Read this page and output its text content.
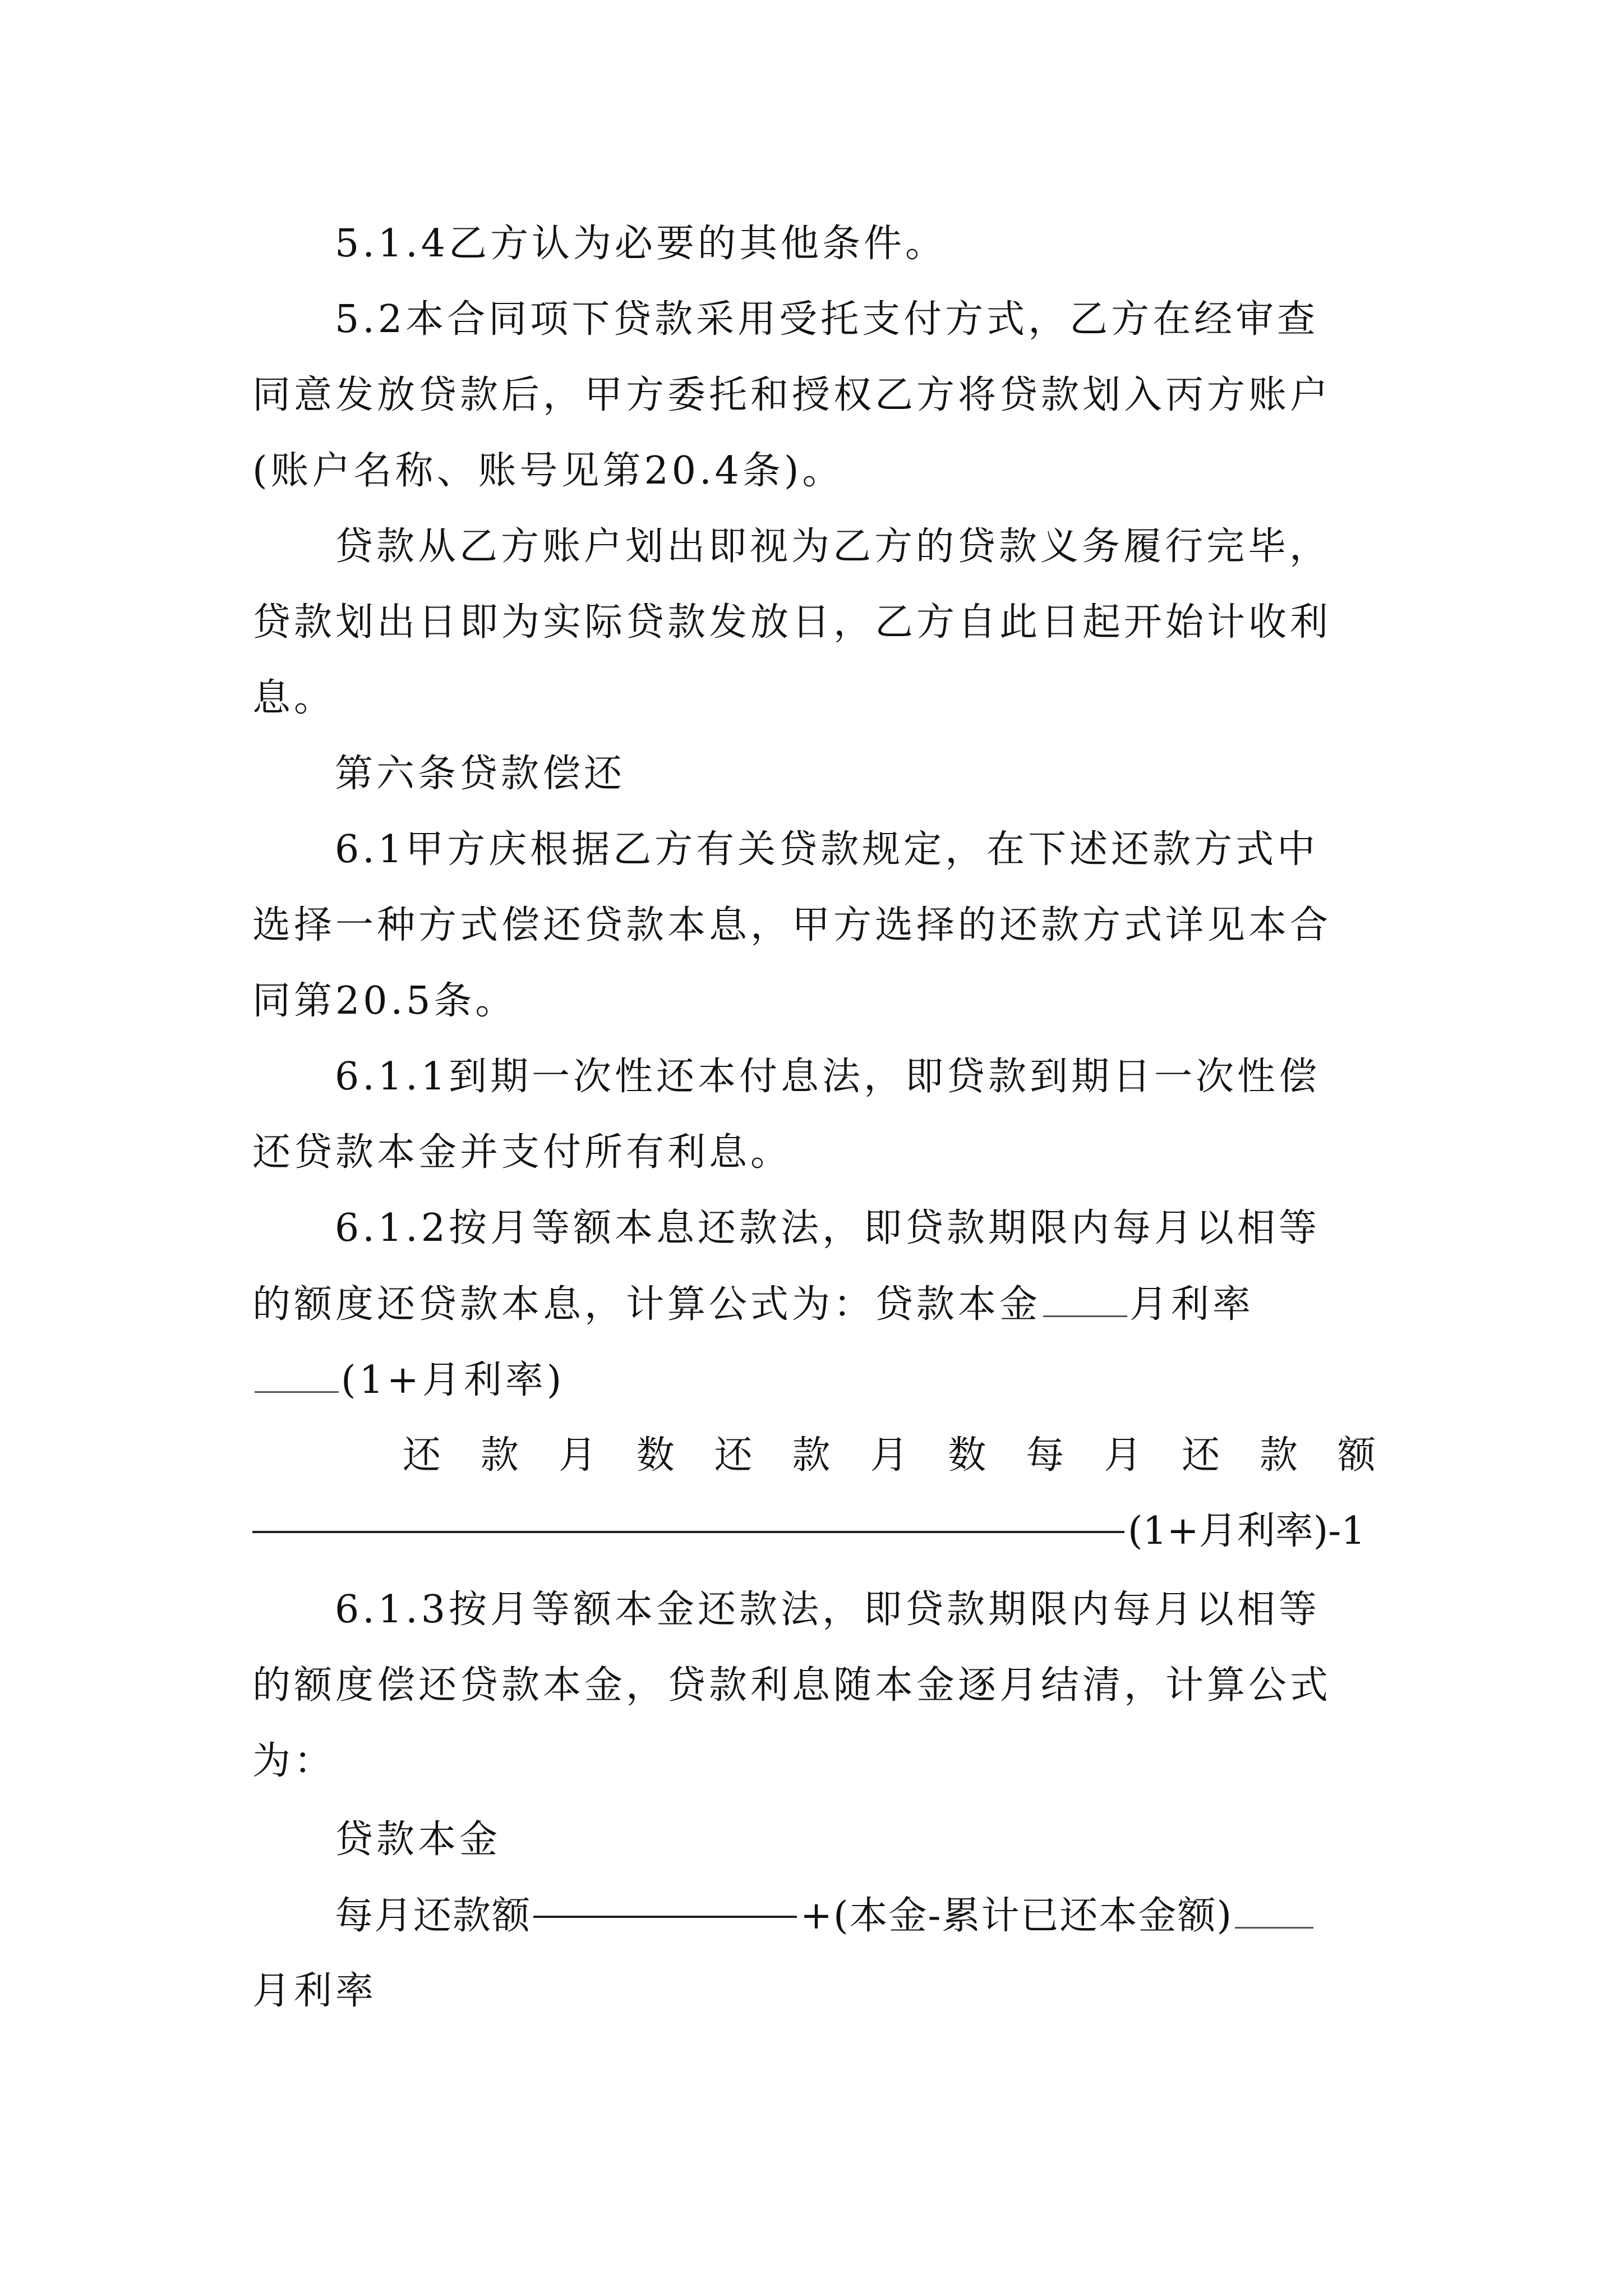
5.1.4乙方认为必要的其他条件。
5.2本合同项下贷款采用受托支付方式，乙方在经审查
同意发放贷款后，甲方委托和授权乙方将贷款划入丙方账户
(账户名称、账号见第20.4条)。
贷款从乙方账户划出即视为乙方的贷款义务履行完毕，
贷款划出日即为实际贷款发放日，乙方自此日起开始计收利
息。
第六条贷款偿还
6.1甲方庆根据乙方有关贷款规定，在下述还款方式中
选择一种方式偿还贷款本息，甲方选择的还款方式详见本合
同第20.5条。
6.1.1到期一次性还本付息法，即贷款到期日一次性偿
还贷款本金并支付所有利息。
6.1.2按月等额本息还款法，即贷款期限内每月以相等
的额度还贷款本息，计算公式为：贷款本金 月利率
(1+月利率)
还 款 月 数 还 款 月 数 每 月 还 款 额
(1+月利率)-1
6.1.3按月等额本金还款法，即贷款期限内每月以相等
的额度偿还贷款本金，贷款利息随本金逐月结清，计算公式
为：
贷款本金
每月还款额	+(本金-累计已还本金额)
月利率
